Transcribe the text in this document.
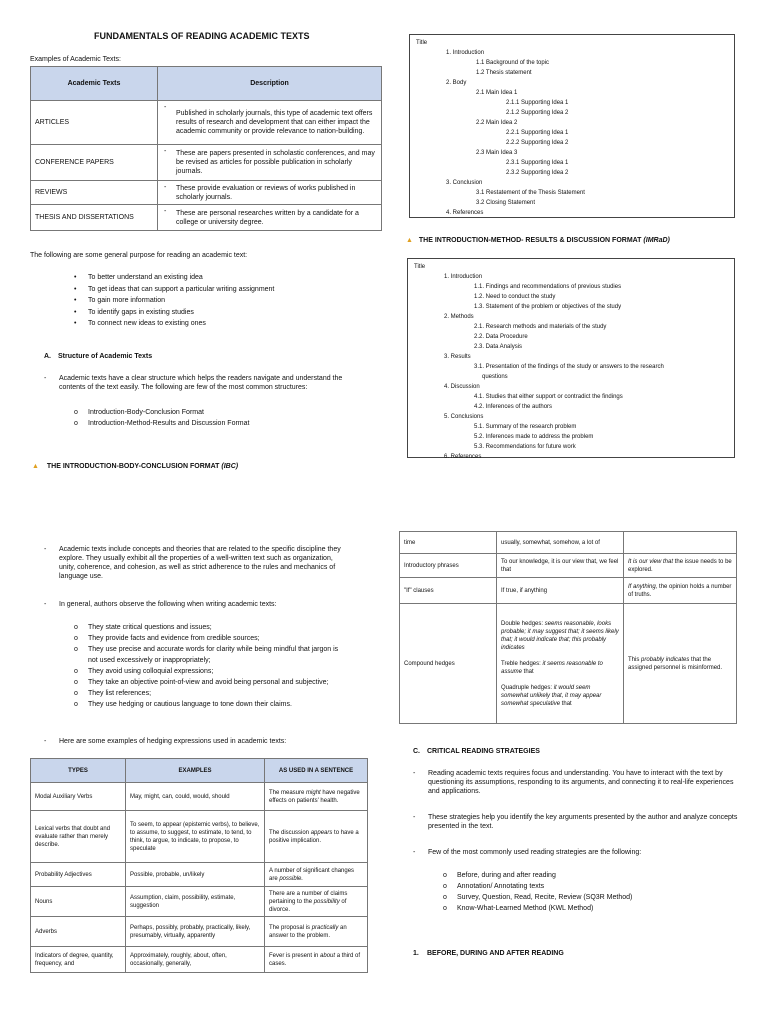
FUNDAMENTALS OF READING ACADEMIC TEXTS
Examples of Academic Texts:
Academic Texts	Description
ARTICLES	-
Published in scholarly journals, this type of academic text offers results of research and development that can either impact the academic community or provide relevance to nation-building.
CONFERENCE PAPERS	- These are papers presented in scholastic conferences, and may be revised as articles for possible publication in scholarly journals.
REVIEWS	- These provide evaluation or reviews of works published in scholarly journals.
THESIS AND DISSERTATIONS	- These are personal researches written by a candidate for a college or university degree.
The following are some general purpose for reading an academic text:
• To better understand an existing idea
• To get ideas that can support a particular writing assignment
• To gain more information
• To identify gaps in existing studies
• To connect new ideas to existing ones
A. Structure of Academic Texts
- Academic texts have a clear structure which helps the readers navigate and understand the contents of the text easily. The following are few of the most common structures:
o Introduction-Body-Conclusion Format
o Introduction-Method-Results and Discussion Format
▲ THE INTRODUCTION-BODY-CONCLUSION FORMAT (IBC)
- Academic texts include concepts and theories that are related to the specific discipline they explore. They usually exhibit all the properties of a well-written text such as organization, unity, coherence, and cohesion, as well as strict adherence to the rules and mechanics of language use.
- In general, authors observe the following when writing academic texts:
o They state critical questions and issues;
o They provide facts and evidence from credible sources;
o They use precise and accurate words for clarity while being mindful that jargon is not used excessively or inappropriately;
o They avoid using colloquial expressions;
o They take an objective point-of-view and avoid being personal and subjective;
o They list references;
o They use hedging or cautious language to tone down their claims.
- Here are some examples of hedging expressions used in academic texts:
TYPES	EXAMPLES	AS USED IN A SENTENCE
Modal Auxiliary Verbs	May, might, can, could, would, should	The measure might have negative effects on patients' health.
Lexical verbs that doubt and evaluate rather than merely describe.	To seem, to appear (epistemic verbs), to believe, to assume, to suggest, to estimate, to tend, to think, to argue, to indicate, to propose, to speculate	The discussion appears to have a positive implication.
Probability Adjectives	Possible, probable, un/likely	A number of significant changes are possible.
Nouns	Assumption, claim, possibility, estimate, suggestion	There are a number of claims pertaining to the possibility of divorce.
Adverbs	Perhaps, possibly, probably, practically, likely, presumably, virtually, apparently	The proposal is practically an answer to the problem.
Indicators of degree, quantity, frequency, and	Approximately, roughly, about, often, occasionally, generally,	Fever is present in about a third of cases.
Title
1. Introduction
1.1 Background of the topic
1.2 Thesis statement
2. Body
2.1 Main Idea 1
2.1.1 Supporting Idea 1
2.1.2 Supporting Idea 2
2.2 Main Idea 2
2.2.1 Supporting Idea 1
2.2.2 Supporting Idea 2
2.3 Main Idea 3
2.3.1 Supporting Idea 1
2.3.2 Supporting Idea 2
3. Conclusion
3.1 Restatement of the Thesis Statement
3.2 Closing Statement
4. References
▲ THE INTRODUCTION-METHOD- RESULTS & DISCUSSION FORMAT (IMRaD)
Title
1. Introduction
1.1. Findings and recommendations of previous studies
1.2. Need to conduct the study
1.3. Statement of the problem or objectives of the study
2. Methods
2.1. Research methods and materials of the study
2.2. Data Procedure
2.3. Data Analysis
3. Results
3.1. Presentation of the findings of the study or answers to the research
questions
4. Discussion
4.1. Studies that either support or contradict the findings
4.2. Inferences of the authors
5. Conclusions
5.1. Summary of the research problem
5.2. Inferences made to address the problem
5.3. Recommendations for future work
6. References
time	usually, somewhat, somehow, a lot of	
Introductory phrases	To our knowledge, it is our view that, we feel that	It is our view that the issue needs to be explored.
"If" clauses	If true, if anything	If anything, the opinion holds a number of truths.
Compound hedges	Double hedges: seems reasonable, looks probable; it may suggest that; it seems likely that; it would indicate that; this probably indicates
Treble hedges: it seems reasonable to assume that
Quadruple hedges: it would seem somewhat unlikely that, it may appear somewhat speculative that	This probably indicates that the assigned personnel is misinformed.
C. CRITICAL READING STRATEGIES
- Reading academic texts requires focus and understanding. You have to interact with the text by questioning its assumptions, responding to its arguments, and connecting it to real-life experiences and applications.
- These strategies help you identify the key arguments presented by the author and analyze concepts presented in the text.
- Few of the most commonly used reading strategies are the following:
o Before, during and after reading
o Annotation/ Annotating texts
o Survey, Question, Read, Recite, Review (SQ3R Method)
o Know-What-Learned Method (KWL Method)
1. BEFORE, DURING AND AFTER READING
